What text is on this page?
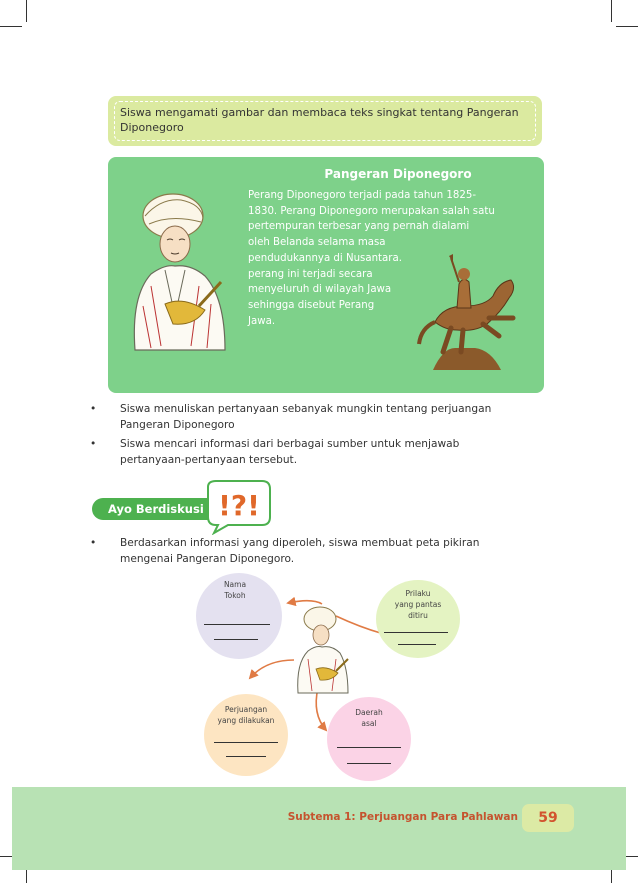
Siswa mengamati gambar dan membaca teks singkat tentang Pangeran
Diponegoro
Pangeran Diponegoro
Perang Diponegoro terjadi pada tahun 1825-
1830. Perang Diponegoro merupakan salah satu
pertempuran terbesar yang pernah dialami
oleh Belanda selama masa
pendudukannya di Nusantara.
perang ini terjadi secara
menyeluruh di wilayah Jawa
sehingga disebut Perang
Jawa.
• Siswa menuliskan pertanyaan sebanyak mungkin tentang perjuangan
Pangeran Diponegoro
• Siswa mencari informasi dari berbagai sumber untuk menjawab
pertanyaan-pertanyaan tersebut.
Ayo Berdiskusi !?!
• Berdasarkan informasi yang diperoleh, siswa membuat peta pikiran
mengenai Pangeran Diponegoro.
Nama
Tokoh	Prilaku
yang pantas
ditiru
Perjuangan
yang dilakukan
Daerah
asal
Subtema 1: Perjuangan Para Pahlawan	59
